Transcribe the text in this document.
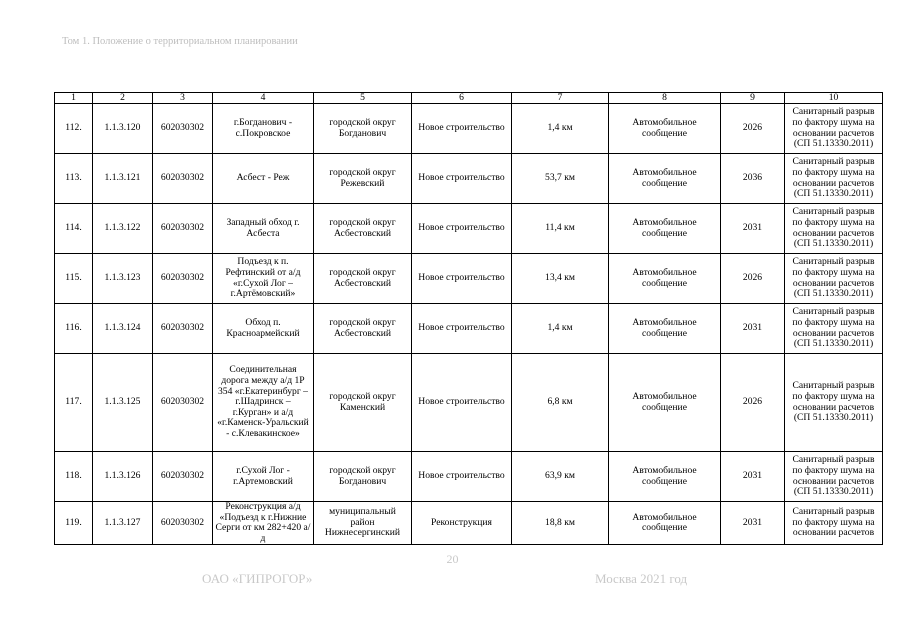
Том 1. Положение о территориальном планировании
1	2	3	4	5	6	7	8	9	10
112.	1.1.3.120	602030302	г.Богданович - с.Покровское	городской округ Богданович	Новое строительство	1,4 км	Автомобильное сообщение	2026	Санитарный разрыв по фактору шума на основании расчетов (СП 51.13330.2011)
113.	1.1.3.121	602030302	Асбест - Реж	городской округ Режевский	Новое строительство	53,7 км	Автомобильное сообщение	2036	Санитарный разрыв по фактору шума на основании расчетов (СП 51.13330.2011)
114.	1.1.3.122	602030302	Западный обход г. Асбеста	городской округ Асбестовский	Новое строительство	11,4 км	Автомобильное сообщение	2031	Санитарный разрыв по фактору шума на основании расчетов (СП 51.13330.2011)
115.	1.1.3.123	602030302	Подъезд к п. Рефтинский от а/д «г.Сухой Лог – г.Артёмовский»	городской округ Асбестовский	Новое строительство	13,4 км	Автомобильное сообщение	2026	Санитарный разрыв по фактору шума на основании расчетов (СП 51.13330.2011)
116.	1.1.3.124	602030302	Обход п. Красноармейский	городской округ Асбестовский	Новое строительство	1,4 км	Автомобильное сообщение	2031	Санитарный разрыв по фактору шума на основании расчетов (СП 51.13330.2011)
117.	1.1.3.125	602030302	Соединительная дорога между а/д 1Р 354 «г.Екатеринбург – г.Шадринск – г.Курган» и а/д «г.Каменск-Уральский - с.Клевакинское»	городской округ Каменский	Новое строительство	6,8 км	Автомобильное сообщение	2026	Санитарный разрыв по фактору шума на основании расчетов (СП 51.13330.2011)
118.	1.1.3.126	602030302	г.Сухой Лог - г.Артемовский	городской округ Богданович	Новое строительство	63,9 км	Автомобильное сообщение	2031	Санитарный разрыв по фактору шума на основании расчетов (СП 51.13330.2011)
119.	1.1.3.127	602030302	Реконструкция а/д «Подъезд к г.Нижние Серги от км 282+420 а/д	муниципальный район Нижнесергинский	Реконструкция	18,8 км	Автомобильное сообщение	2031	Санитарный разрыв по фактору шума на основании расчетов
20
ОАО «ГИПРОГОР»	Москва 2021 год
